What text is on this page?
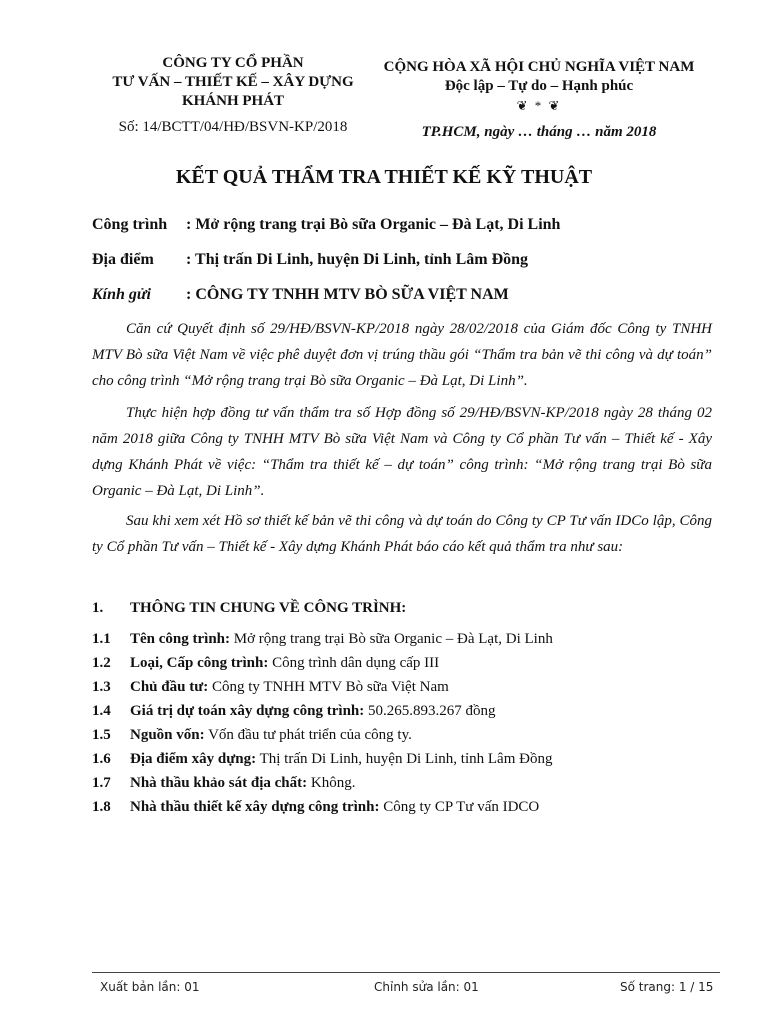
CÔNG TY CỔ PHẦN
TƯ VẤN – THIẾT KẾ – XÂY DỰNG
KHÁNH PHÁT
Số: 14/BCTT/04/HĐ/BSVN-KP/2018
CỘNG HÒA XÃ HỘI CHỦ NGHĨA VIỆT NAM
Độc lập – Tự do – Hạnh phúc
❦ * ❦
TP.HCM, ngày … tháng … năm 2018
KẾT QUẢ THẨM TRA THIẾT KẾ KỸ THUẬT
Công trình : Mở rộng trang trại Bò sữa Organic – Đà Lạt, Di Linh
Địa điểm : Thị trấn Di Linh, huyện Di Linh, tỉnh Lâm Đồng
Kính gửi : CÔNG TY TNHH MTV BÒ SỮA VIỆT NAM
Căn cứ Quyết định số 29/HĐ/BSVN-KP/2018 ngày 28/02/2018 của Giám đốc Công ty TNHH MTV Bò sữa Việt Nam về việc phê duyệt đơn vị trúng thầu gói “Thẩm tra bản vẽ thi công và dự toán” cho công trình “Mở rộng trang trại Bò sữa Organic – Đà Lạt, Di Linh”.
Thực hiện hợp đồng tư vấn thẩm tra số Hợp đồng số 29/HĐ/BSVN-KP/2018 ngày 28 tháng 02 năm 2018 giữa Công ty TNHH MTV Bò sữa Việt Nam và Công ty Cổ phần Tư vấn – Thiết kế - Xây dựng Khánh Phát về việc: “Thẩm tra thiết kế – dự toán” công trình: “Mở rộng trang trại Bò sữa Organic – Đà Lạt, Di Linh”.
Sau khi xem xét Hồ sơ thiết kế bản vẽ thi công và dự toán do Công ty CP Tư vấn IDCo lập, Công ty Cổ phần Tư vấn – Thiết kế - Xây dựng Khánh Phát báo cáo kết quả thẩm tra như sau:
1. THÔNG TIN CHUNG VỀ CÔNG TRÌNH:
1.1 Tên công trình: Mở rộng trang trại Bò sữa Organic – Đà Lạt, Di Linh
1.2 Loại, Cấp công trình: Công trình dân dụng cấp III
1.3 Chủ đầu tư: Công ty TNHH MTV Bò sữa Việt Nam
1.4 Giá trị dự toán xây dựng công trình: 50.265.893.267 đồng
1.5 Nguồn vốn: Vốn đầu tư phát triển của công ty.
1.6 Địa điểm xây dựng: Thị trấn Di Linh, huyện Di Linh, tỉnh Lâm Đồng
1.7 Nhà thầu khảo sát địa chất: Không.
1.8 Nhà thầu thiết kế xây dựng công trình: Công ty CP Tư vấn IDCO
Xuất bản lần: 01	Chỉnh sửa lần: 01	Số trang: 1 / 15
